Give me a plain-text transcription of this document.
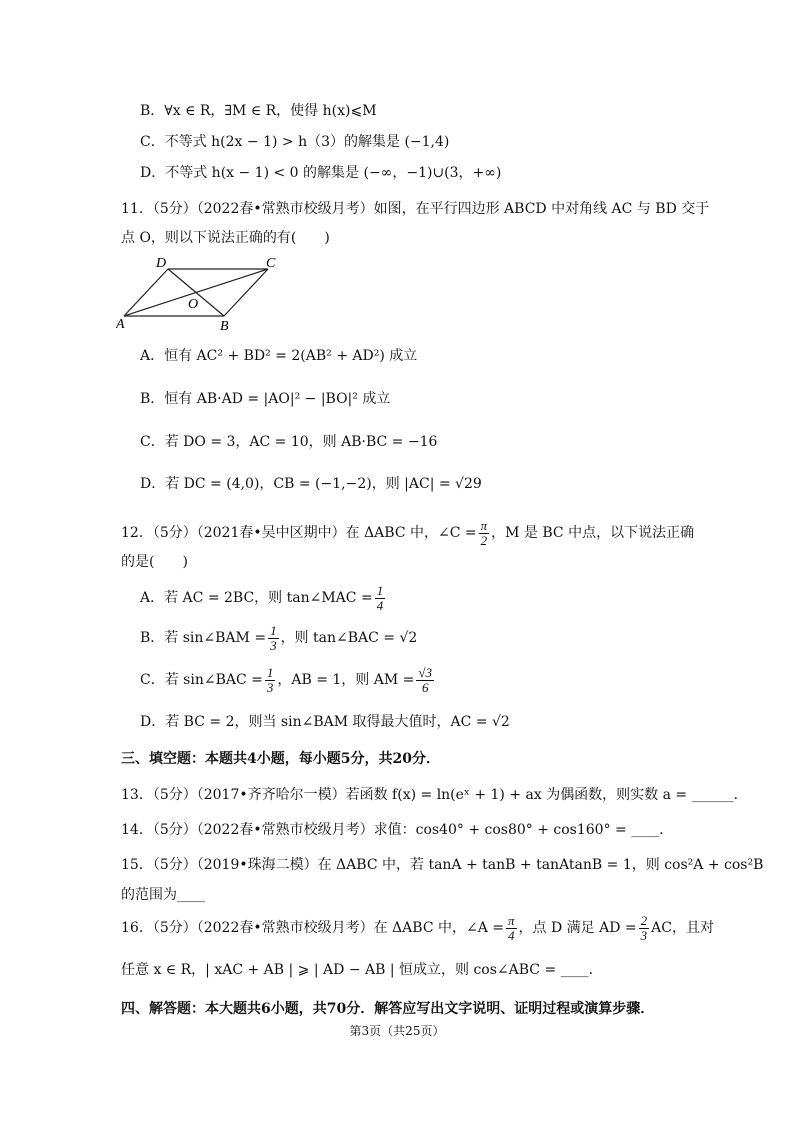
B．∀x ∈ R，∃M ∈ R，使得 h(x)⩽M
C．不等式 h(2x − 1) > h（3）的解集是 (−1,4)
D．不等式 h(x − 1) < 0 的解集是 (−∞，−1)∪(3，+∞)
11．（5分）（2022春•常熟市校级月考）如图，在平行四边形 ABCD 中对角线 AC 与 BD 交于
点 O，则以下说法正确的有(　　)
A	B
C
D
O
A．恒有 AC² + BD² = 2(AB² + AD²) 成立
B．恒有 AB·AD = |AO|² − |BO|² 成立
C．若 DO = 3，AC = 10，则 AB·BC = −16
D．若 DC = (4,0)，CB = (−1,−2)，则 |AC| = √29
12．（5分）（2021春•吴中区期中）在 ΔABC 中，∠C = $\frac{\pi}{2}$ ，M 是 BC 中点，以下说法正确
的是(　　)
A．若 AC = 2BC，则 tan∠MAC = $\frac{1}{4}$
B．若 sin∠BAM = $\frac{1}{3}$ ，则 tan∠BAC = √2
C．若 sin∠BAC = $\frac{1}{3}$ ，AB = 1，则 AM = $\frac{√3}{6}$
D．若 BC = 2，则当 sin∠BAM 取得最大值时，AC = √2
三、填空题：本题共4小题，每小题5分，共20分．
13．（5分）（2017•齐齐哈尔一模）若函数 f(x) = ln(eˣ + 1) + ax 为偶函数，则实数 a = ______．
14．（5分）（2022春•常熟市校级月考）求值：cos40° + cos80° + cos160° = ____．
15．（5分）（2019•珠海二模）在 ΔABC 中，若 tanA + tanB + tanAtanB = 1，则 cos²A + cos²B
的范围为____
16．（5分）（2022春•常熟市校级月考）在 ΔABC 中，∠A = $\frac{\pi}{4}$ ，点 D 满足 AD = $\frac{2}{3}$ AC，且对
任意 x ∈ R，| xAC + AB | ⩾ | AD − AB | 恒成立，则 cos∠ABC = ____．
四、解答题：本大题共6小题，共70分．解答应写出文字说明、证明过程或演算步骤．
第3页（共25页）
